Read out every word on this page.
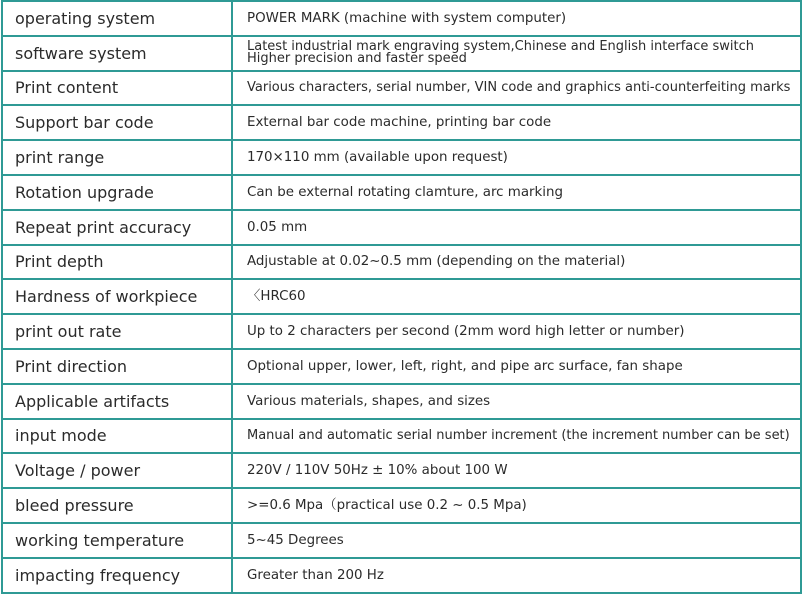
operating system	POWER MARK (machine with system computer)
software system	Latest industrial mark engraving system,Chinese and English interface switch Higher precision and faster speed
Print content	Various characters, serial number, VIN code and graphics anti-counterfeiting marks
Support bar code	External bar code machine, printing bar code
print range	170×110 mm (available upon request)
Rotation upgrade	Can be external rotating clamture, arc marking
Repeat print accuracy	0.05 mm
Print depth	Adjustable at 0.02~0.5 mm (depending on the material)
Hardness of workpiece	〈HRC60
print out rate	Up to 2 characters per second (2mm word high letter or number)
Print direction	Optional upper, lower, left, right, and pipe arc surface, fan shape
Applicable artifacts	Various materials, shapes, and sizes
input mode	Manual and automatic serial number increment (the increment number can be set)
Voltage / power	220V / 110V 50Hz ± 10% about 100 W
bleed pressure	>=0.6 Mpa（practical use 0.2 ~ 0.5 Mpa)
working temperature	5~45 Degrees
impacting frequency	Greater than 200 Hz
